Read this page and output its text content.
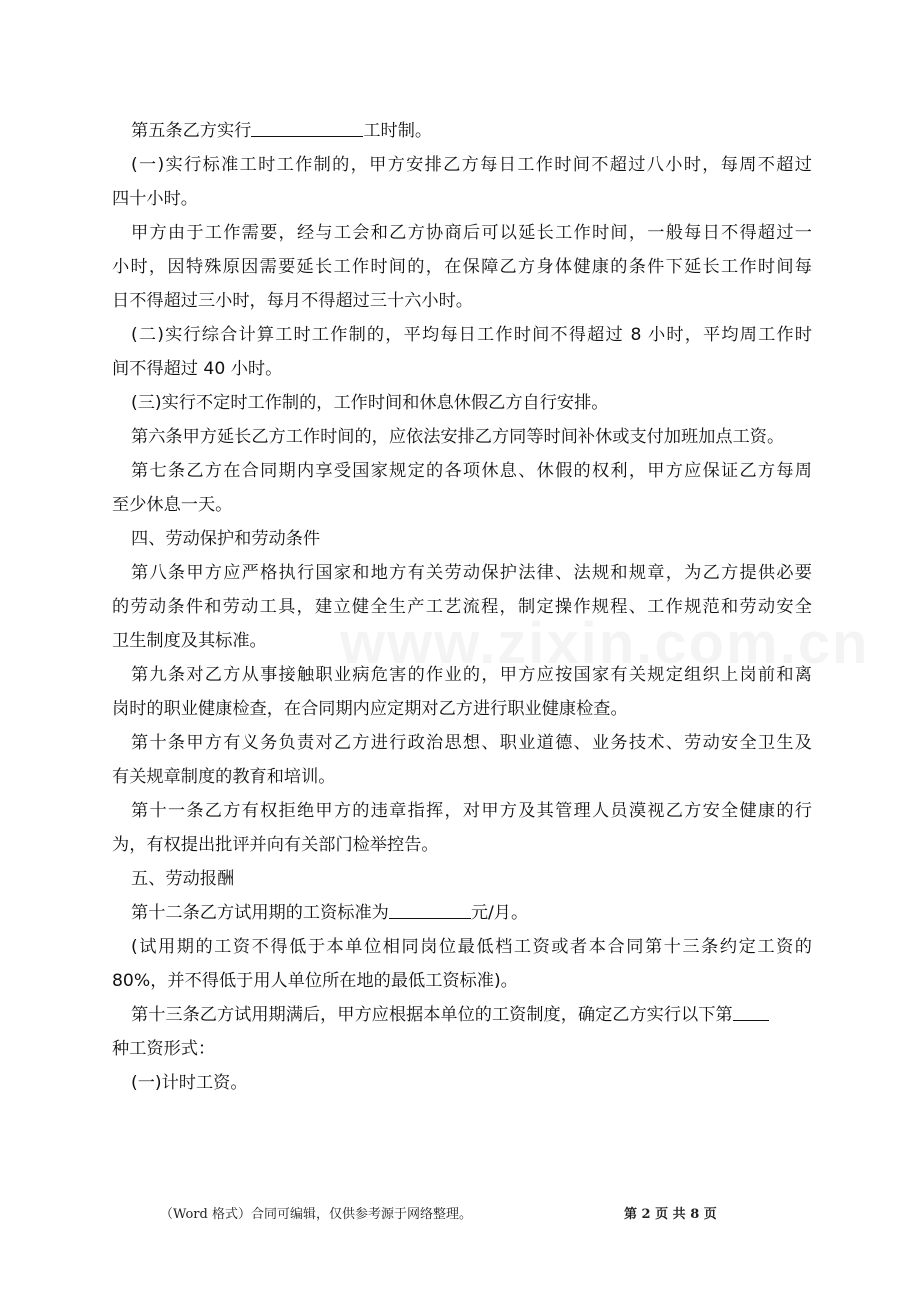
第五条乙方实行	工时制。

(一)实行标准工时工作制的，甲方安排乙方每日工作时间不超过八小时，每周不超过
四十小时。

甲方由于工作需要，经与工会和乙方协商后可以延长工作时间，一般每日不得超过一
小时，因特殊原因需要延长工作时间的，在保障乙方身体健康的条件下延长工作时间每
日不得超过三小时，每月不得超过三十六小时。

(二)实行综合计算工时工作制的，平均每日工作时间不得超过 8 小时，平均周工作时
间不得超过 40 小时。

(三)实行不定时工作制的，工作时间和休息休假乙方自行安排。

第六条甲方延长乙方工作时间的，应依法安排乙方同等时间补休或支付加班加点工资。

第七条乙方在合同期内享受国家规定的各项休息、休假的权利，甲方应保证乙方每周
至少休息一天。

四、劳动保护和劳动条件

第八条甲方应严格执行国家和地方有关劳动保护法律、法规和规章，为乙方提供必要
的劳动条件和劳动工具，建立健全生产工艺流程，制定操作规程、工作规范和劳动安全
卫生制度及其标准。

第九条对乙方从事接触职业病危害的作业的，甲方应按国家有关规定组织上岗前和离
岗时的职业健康检查，在合同期内应定期对乙方进行职业健康检查。

第十条甲方有义务负责对乙方进行政治思想、职业道德、业务技术、劳动安全卫生及
有关规章制度的教育和培训。

第十一条乙方有权拒绝甲方的违章指挥，对甲方及其管理人员漠视乙方安全健康的行
为，有权提出批评并向有关部门检举控告。

五、劳动报酬

第十二条乙方试用期的工资标准为	元/月。

(试用期的工资不得低于本单位相同岗位最低档工资或者本合同第十三条约定工资的
80%，并不得低于用人单位所在地的最低工资标准)。

第十三条乙方试用期满后，甲方应根据本单位的工资制度，确定乙方实行以下第
种工资形式：

(一)计时工资。

（Word 格式）合同可编辑，仅供参考源于网络整理。	第 2 页 共 8 页
